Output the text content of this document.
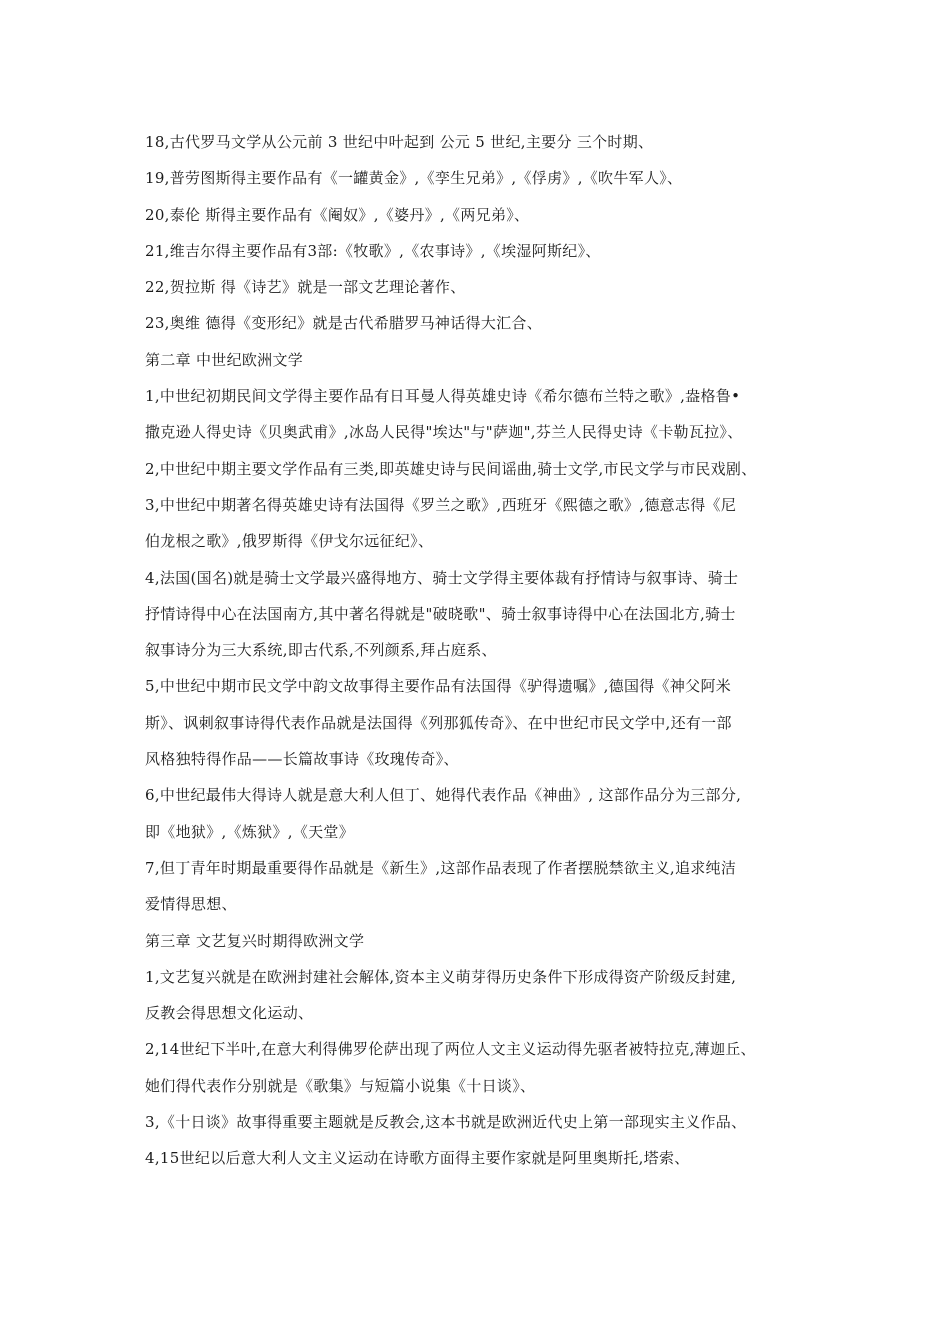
18,古代罗马文学从公元前 3 世纪中叶起到 公元 5 世纪,主要分 三个时期、
19,普劳图斯得主要作品有《一罐黄金》,《孪生兄弟》,《俘虏》,《吹牛军人》、
20,泰伦 斯得主要作品有《阉奴》,《婆丹》,《两兄弟》、
21,维吉尔得主要作品有3部:《牧歌》,《农事诗》,《埃湿阿斯纪》、
22,贺拉斯 得《诗艺》就是一部文艺理论著作、
23,奥维 德得《变形纪》就是古代希腊罗马神话得大汇合、
第二章 中世纪欧洲文学
1,中世纪初期民间文学得主要作品有日耳曼人得英雄史诗《希尔德布兰特之歌》,盎格鲁•
撒克逊人得史诗《贝奥武甫》,冰岛人民得"埃达"与"萨迦",芬兰人民得史诗《卡勒瓦拉》、
2,中世纪中期主要文学作品有三类,即英雄史诗与民间谣曲,骑士文学,市民文学与市民戏剧、
3,中世纪中期著名得英雄史诗有法国得《罗兰之歌》,西班牙《熙德之歌》,德意志得《尼
伯龙根之歌》,俄罗斯得《伊戈尔远征纪》、
4,法国(国名)就是骑士文学最兴盛得地方、骑士文学得主要体裁有抒情诗与叙事诗、骑士
抒情诗得中心在法国南方,其中著名得就是"破晓歌"、骑士叙事诗得中心在法国北方,骑士
叙事诗分为三大系统,即古代系,不列颜系,拜占庭系、
5,中世纪中期市民文学中韵文故事得主要作品有法国得《驴得遗嘱》,德国得《神父阿米
斯》、讽刺叙事诗得代表作品就是法国得《列那狐传奇》、在中世纪市民文学中,还有一部
风格独特得作品——长篇故事诗《玫瑰传奇》、
6,中世纪最伟大得诗人就是意大利人但丁、她得代表作品《神曲》, 这部作品分为三部分,
即《地狱》,《炼狱》,《天堂》
7,但丁青年时期最重要得作品就是《新生》,这部作品表现了作者摆脱禁欲主义,追求纯洁
爱情得思想、
第三章 文艺复兴时期得欧洲文学
1,文艺复兴就是在欧洲封建社会解体,资本主义萌芽得历史条件下形成得资产阶级反封建,
反教会得思想文化运动、
2,14世纪下半叶,在意大利得佛罗伦萨出现了两位人文主义运动得先驱者被特拉克,薄迦丘、
她们得代表作分别就是《歌集》与短篇小说集《十日谈》、
3,《十日谈》故事得重要主题就是反教会,这本书就是欧洲近代史上第一部现实主义作品、
4,15世纪以后意大利人文主义运动在诗歌方面得主要作家就是阿里奥斯托,塔索、
